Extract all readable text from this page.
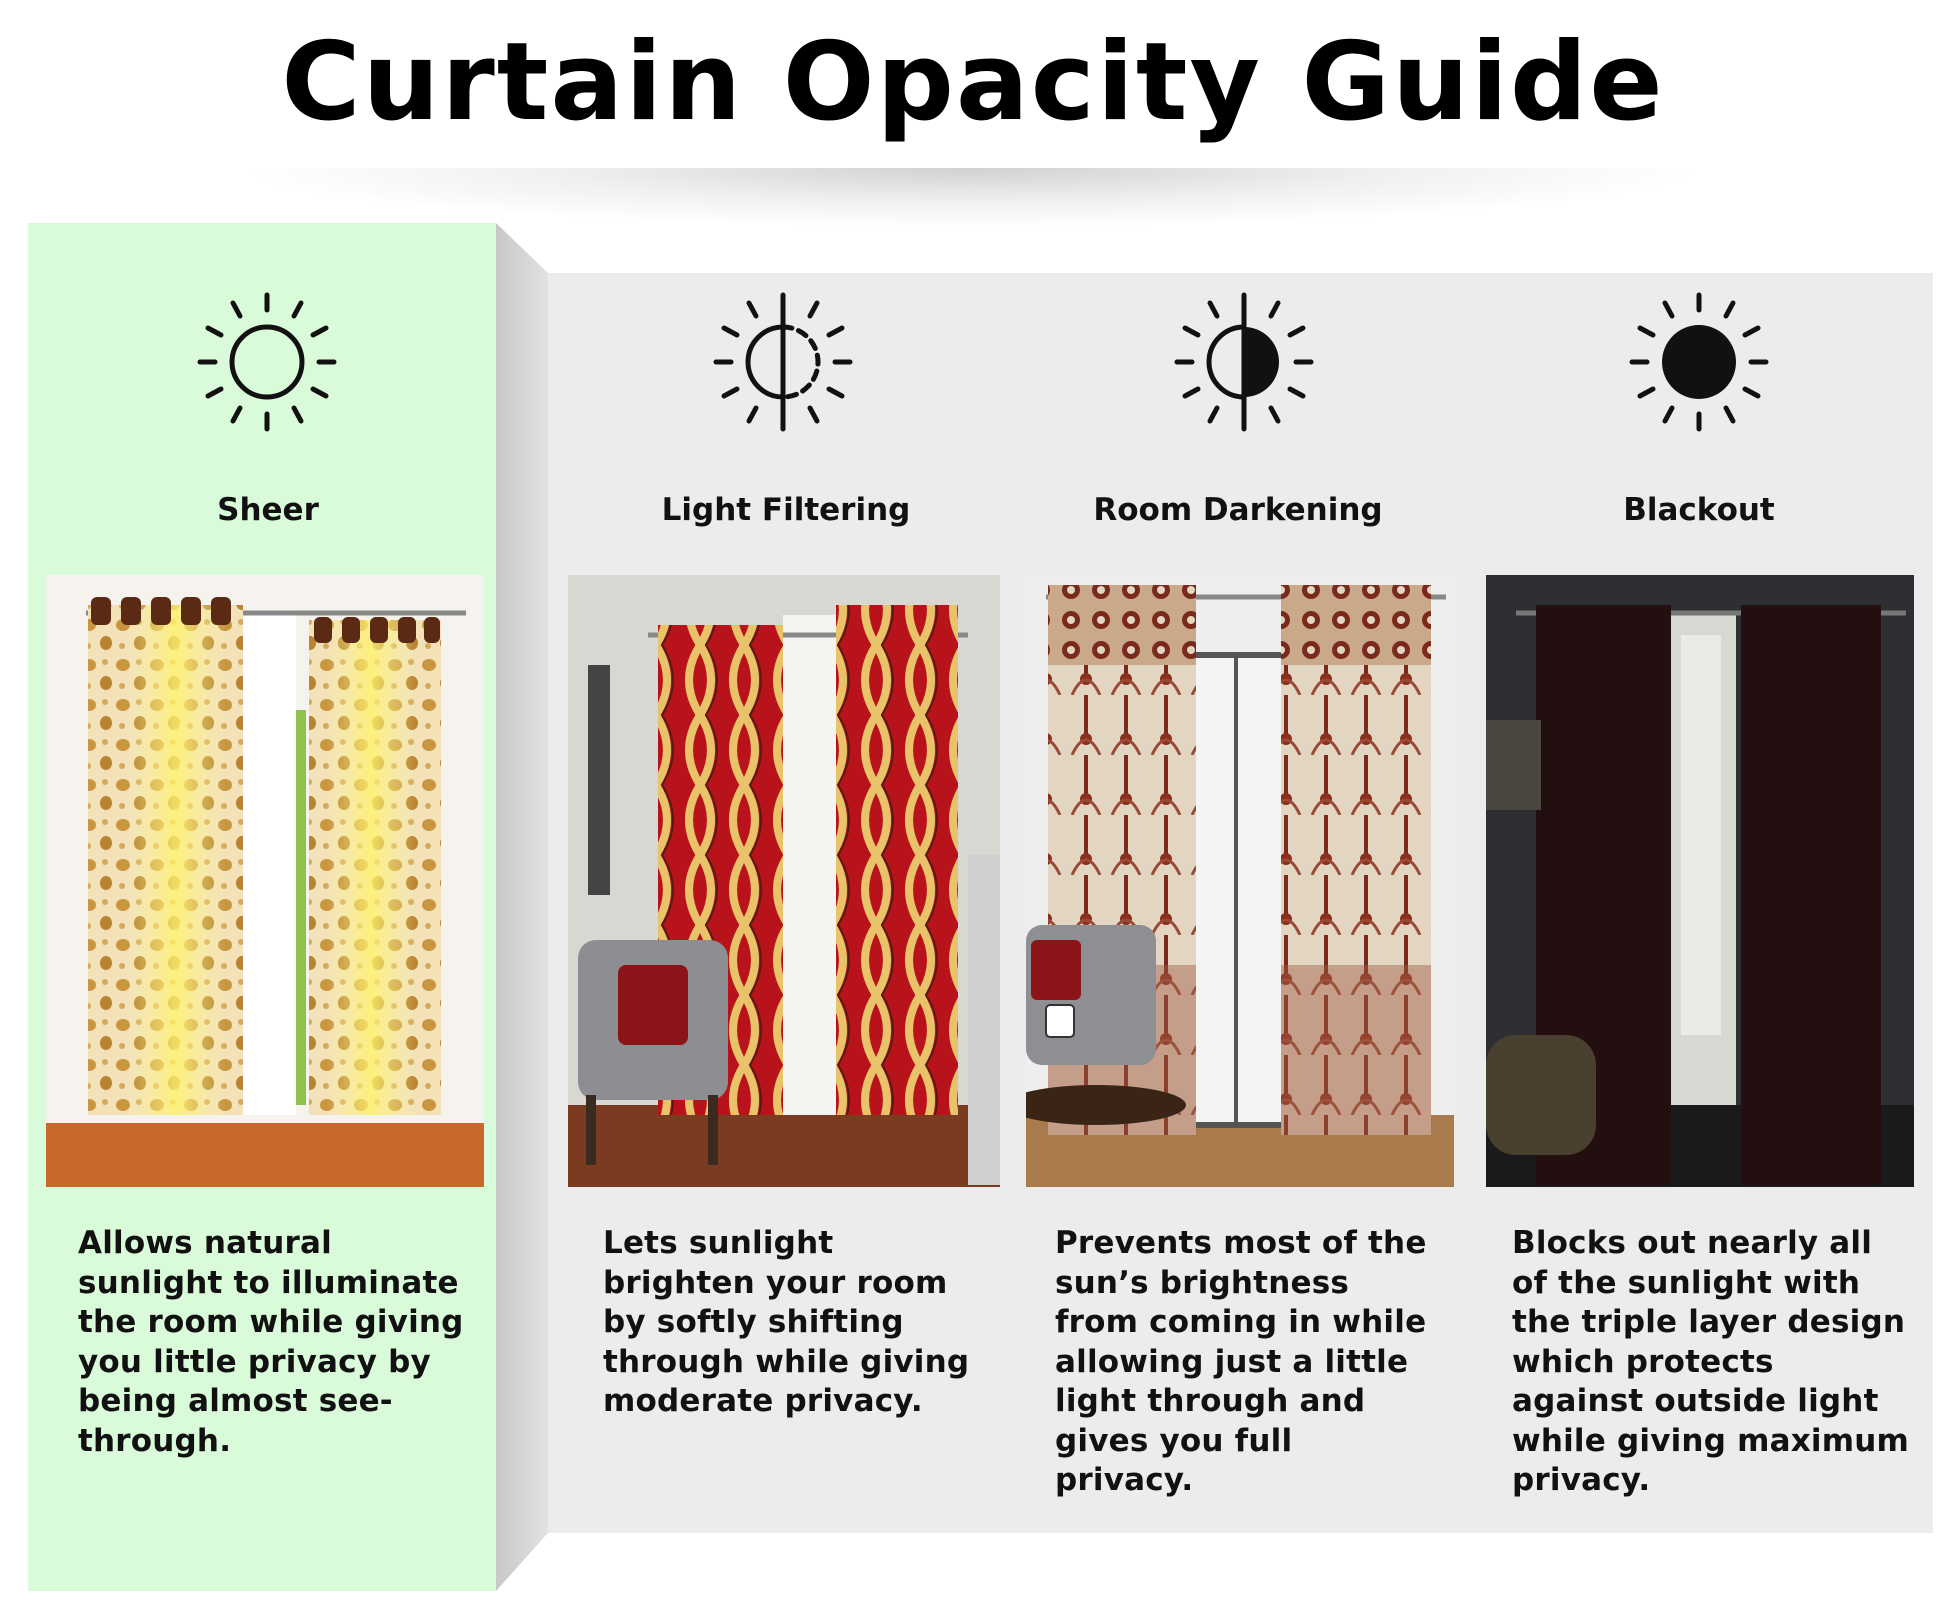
Curtain Opacity Guide
Sheer
Allows natural sunlight to illuminate the room while giving you little privacy by being almost see-through.
Light Filtering
Lets sunlight brighten your room by softly shifting through while giving moderate privacy.
Room Darkening
Prevents most of the sun’s brightness from coming in while allowing just a little light through and gives you full privacy.
Blackout
Blocks out nearly all of the sunlight with the triple layer design which protects against outside light while giving maximum privacy.
